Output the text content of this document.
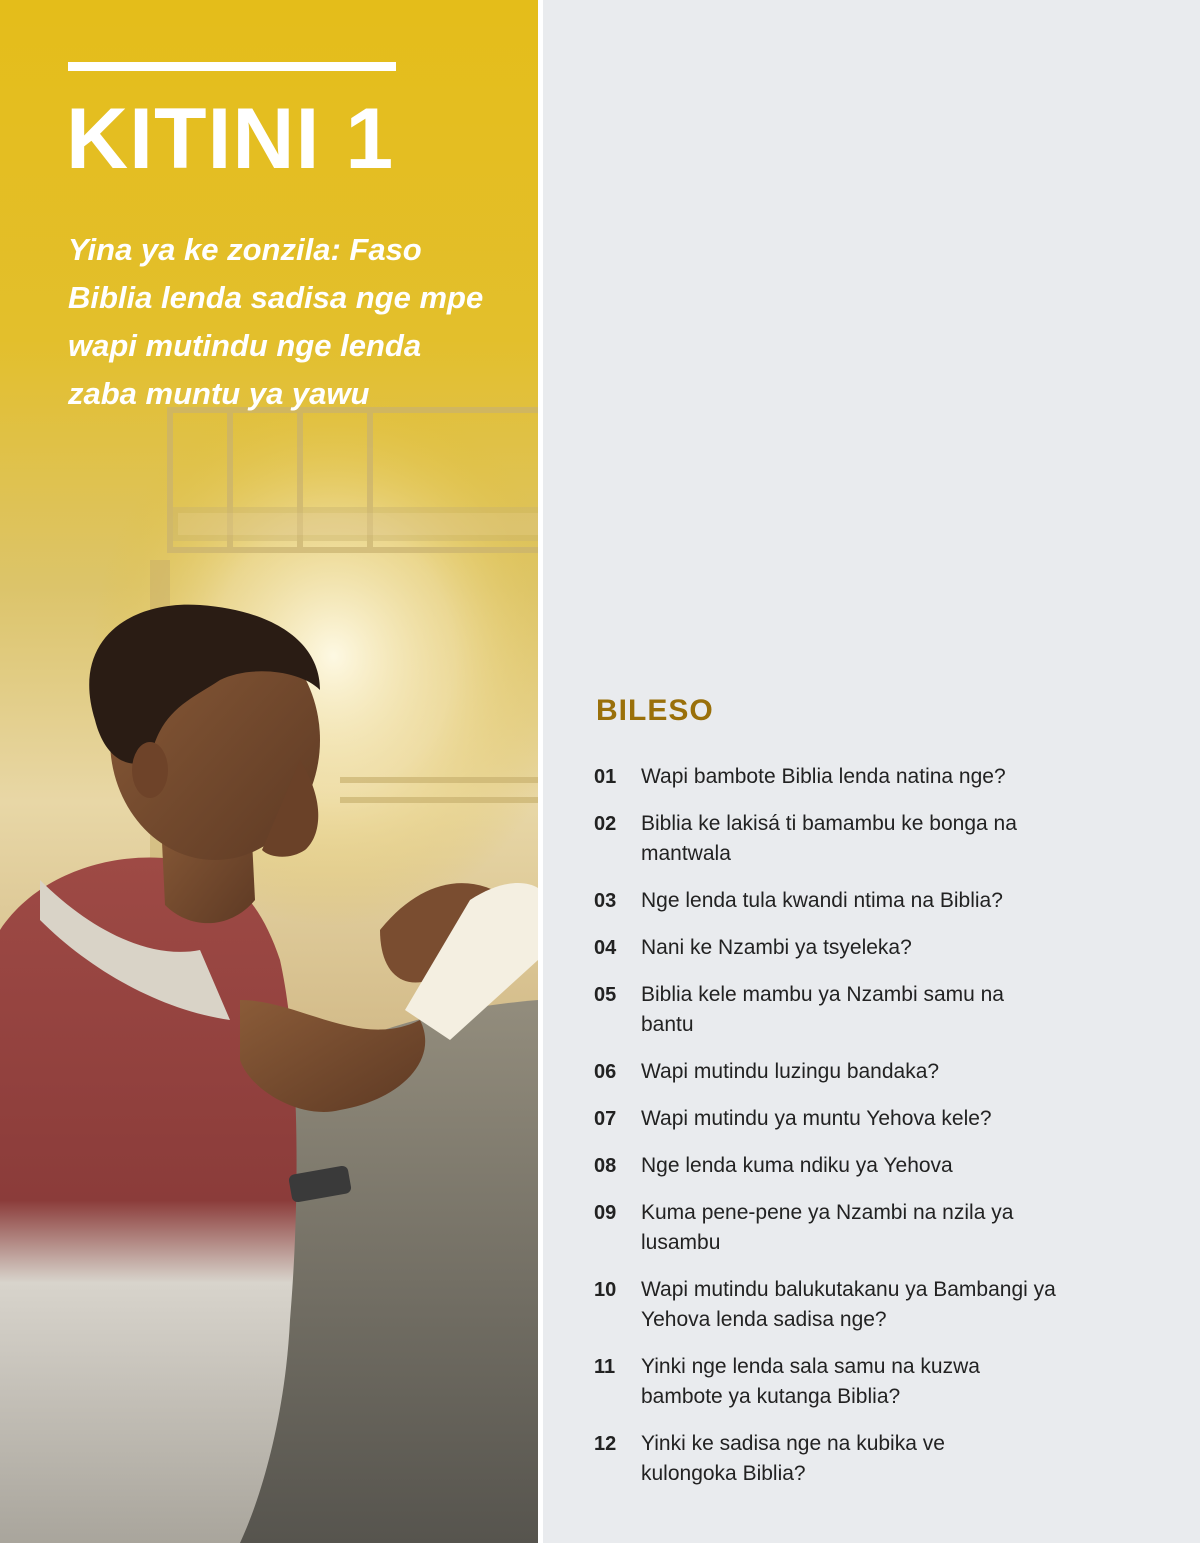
KITINI 1
Yina ya ke zonzila: Faso Biblia lenda sadisa nge mpe wapi mutindu nge lenda zaba muntu ya yawu
BILESO
01	Wapi bambote Biblia lenda natina nge?
02	Biblia ke lakisá ti bamambu ke bonga na mantwala
03	Nge lenda tula kwandi ntima na Biblia?
04	Nani ke Nzambi ya tsyeleka?
05	Biblia kele mambu ya Nzambi samu na bantu
06	Wapi mutindu luzingu bandaka?
07	Wapi mutindu ya muntu Yehova kele?
08	Nge lenda kuma ndiku ya Yehova
09	Kuma pene-pene ya Nzambi na nzila ya lusambu
10	Wapi mutindu balukutakanu ya Bambangi ya Yehova lenda sadisa nge?
11	Yinki nge lenda sala samu na kuzwa bambote ya kutanga Biblia?
12	Yinki ke sadisa nge na kubika ve kulongoka Biblia?
